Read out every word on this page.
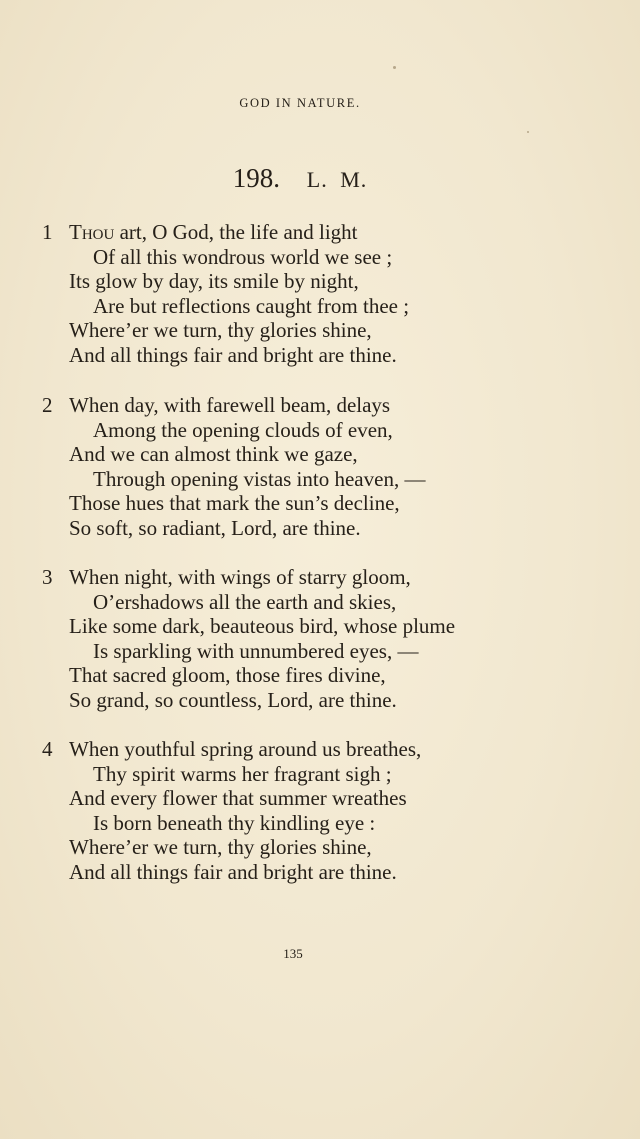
GOD IN NATURE.
198. L. M.
1 Thou art, O God, the life and light
Of all this wondrous world we see ;
Its glow by day, its smile by night,
Are but reflections caught from thee ;
Where’er we turn, thy glories shine,
And all things fair and bright are thine.
2 When day, with farewell beam, delays
Among the opening clouds of even,
And we can almost think we gaze,
Through opening vistas into heaven, —
Those hues that mark the sun’s decline,
So soft, so radiant, Lord, are thine.
3 When night, with wings of starry gloom,
O’ershadows all the earth and skies,
Like some dark, beauteous bird, whose plume
Is sparkling with unnumbered eyes, —
That sacred gloom, those fires divine,
So grand, so countless, Lord, are thine.
4 When youthful spring around us breathes,
Thy spirit warms her fragrant sigh ;
And every flower that summer wreathes
Is born beneath thy kindling eye :
Where’er we turn, thy glories shine,
And all things fair and bright are thine.
135
